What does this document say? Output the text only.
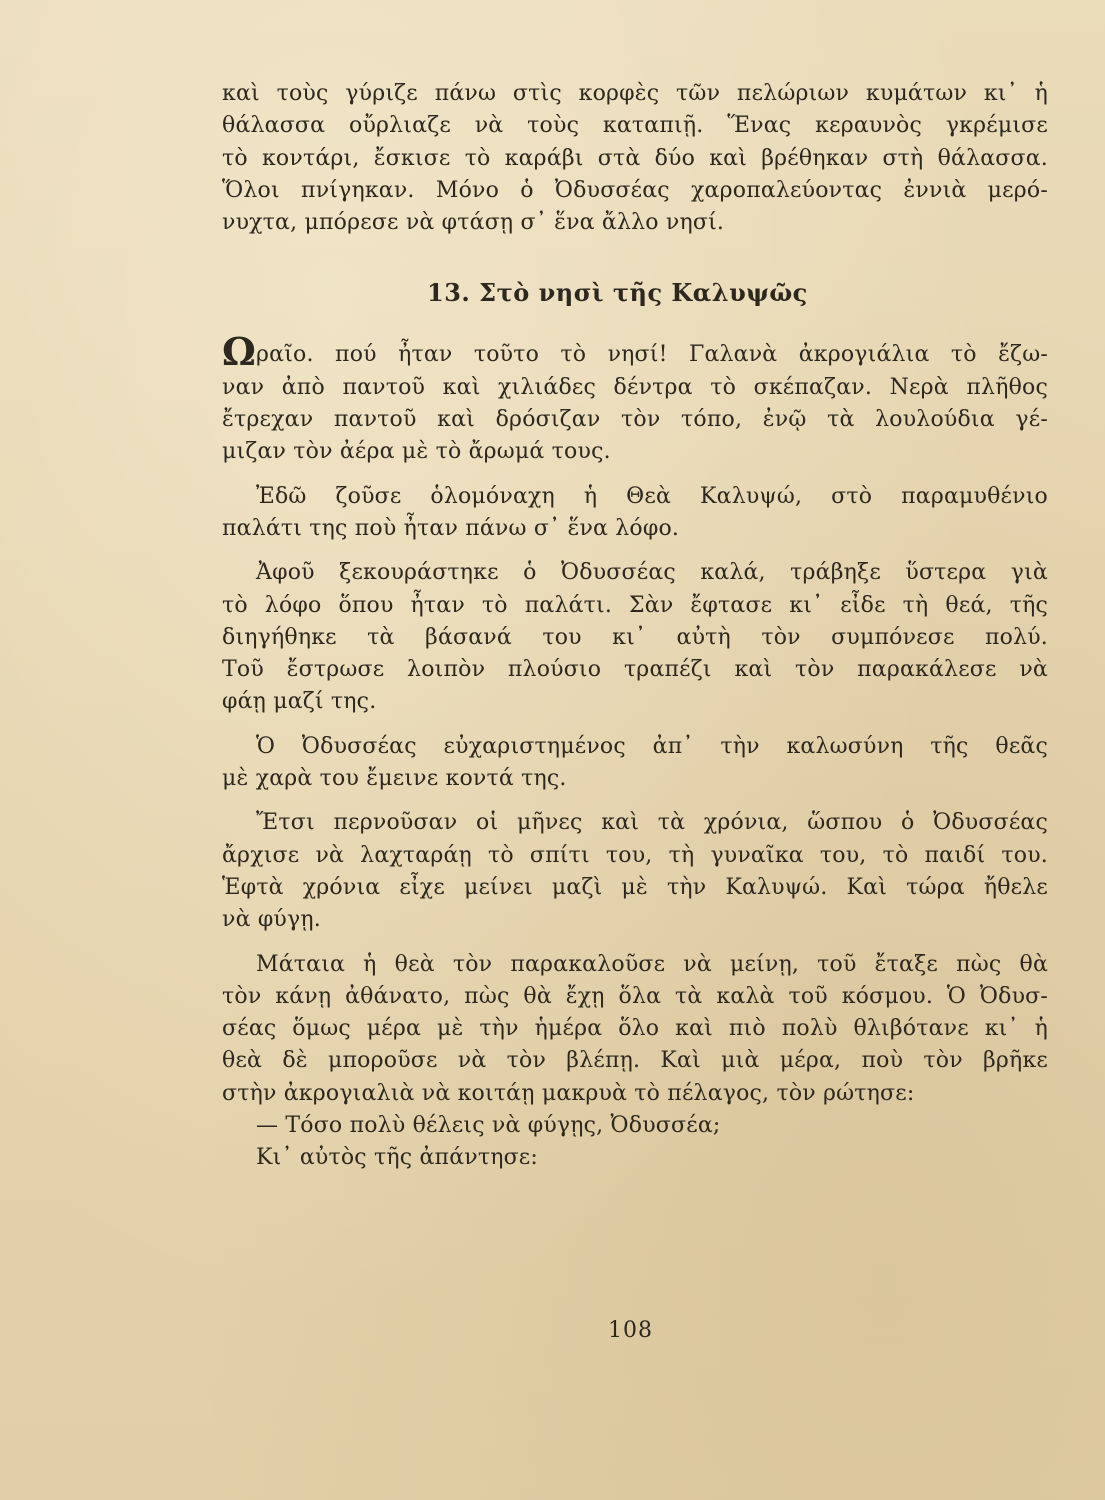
καὶ τοὺς γύριζε πάνω στὶς κορφὲς τῶν πελώριων κυμάτων κι᾿ ἡ
θάλασσα οὔρλιαζε νὰ τοὺς καταπιῇ. Ἕνας κεραυνὸς γκρέμισε
τὸ κοντάρι, ἔσκισε τὸ καράβι στὰ δύο καὶ βρέθηκαν στὴ θάλασσα.
Ὅλοι πνίγηκαν. Μόνο ὁ Ὀδυσσέας χαροπαλεύοντας ἐννιὰ μερό-
νυχτα, μπόρεσε νὰ φτάσῃ σ᾿ ἕνα ἄλλο νησί.
13. Στὸ νησὶ τῆς Καλυψῶς
Ωραῖο. πού ἦταν τοῦτο τὸ νησί! Γαλανὰ ἀκρογιάλια τὸ ἔζω-
ναν ἀπὸ παντοῦ καὶ χιλιάδες δέντρα τὸ σκέπαζαν. Νερὰ πλῆθος
ἔτρεχαν παντοῦ καὶ δρόσιζαν τὸν τόπο, ἐνῷ τὰ λουλούδια γέ-
μιζαν τὸν ἀέρα μὲ τὸ ἄρωμά τους.
Ἐδῶ ζοῦσε ὁλομόναχη ἡ Θεὰ Καλυψώ, στὸ παραμυθένιο
παλάτι της ποὺ ἦταν πάνω σ᾿ ἕνα λόφο.
Ἀφοῦ ξεκουράστηκε ὁ Ὀδυσσέας καλά, τράβηξε ὕστερα γιὰ
τὸ λόφο ὅπου ἦταν τὸ παλάτι. Σὰν ἔφτασε κι᾿ εἶδε τὴ θεά, τῆς
διηγήθηκε τὰ βάσανά του κι᾿ αὐτὴ τὸν συμπόνεσε πολύ.
Τοῦ ἔστρωσε λοιπὸν πλούσιο τραπέζι καὶ τὸν παρακάλεσε νὰ
φάῃ μαζί της.
Ὁ Ὀδυσσέας εὐχαριστημένος ἀπ᾿ τὴν καλωσύνη τῆς θεᾶς
μὲ χαρὰ του ἔμεινε κοντά της.
Ἔτσι περνοῦσαν οἱ μῆνες καὶ τὰ χρόνια, ὥσπου ὁ Ὀδυσσέας
ἄρχισε νὰ λαχταράῃ τὸ σπίτι του, τὴ γυναῖκα του, τὸ παιδί του.
Ἑφτὰ χρόνια εἶχε μείνει μαζὶ μὲ τὴν Καλυψώ. Καὶ τώρα ἤθελε
νὰ φύγῃ.
Μάταια ἡ θεὰ τὸν παρακαλοῦσε νὰ μείνῃ, τοῦ ἔταξε πὼς θὰ
τὸν κάνῃ ἀθάνατο, πὼς θὰ ἔχῃ ὅλα τὰ καλὰ τοῦ κόσμου. Ὁ Ὀδυσ-
σέας ὅμως μέρα μὲ τὴν ἡμέρα ὅλο καὶ πιὸ πολὺ θλιβότανε κι᾿ ἡ
θεὰ δὲ μποροῦσε νὰ τὸν βλέπῃ. Καὶ μιὰ μέρα, ποὺ τὸν βρῆκε
στὴν ἀκρογιαλιὰ νὰ κοιτάῃ μακρυὰ τὸ πέλαγος, τὸν ρώτησε:
— Τόσο πολὺ θέλεις νὰ φύγῃς, Ὀδυσσέα;
Κι᾿ αὐτὸς τῆς ἀπάντησε:
108
